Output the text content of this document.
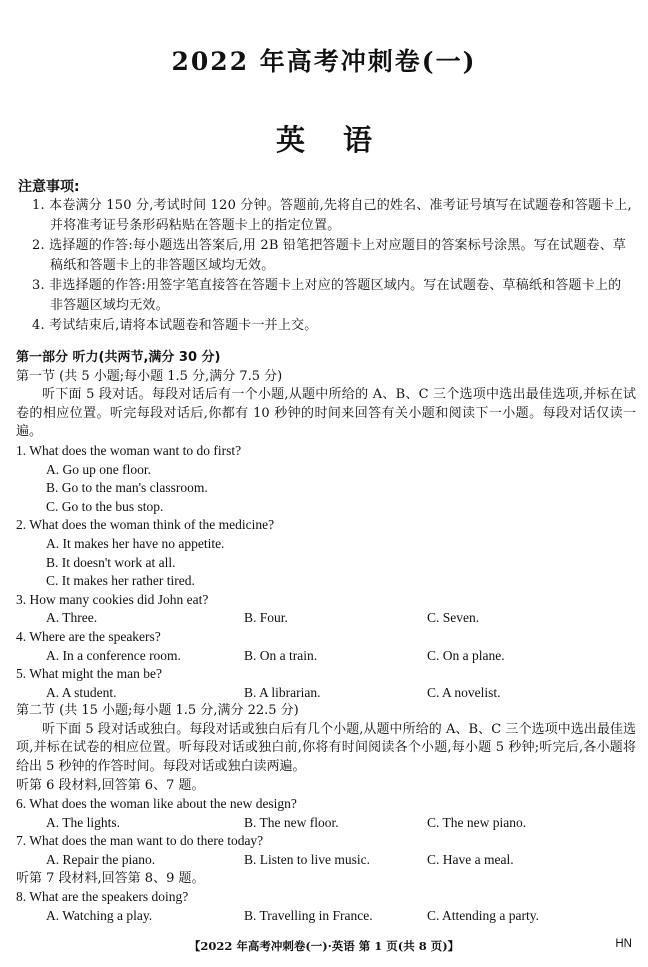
2022 年高考冲刺卷(一)
英语
注意事项:
1. 本卷满分 150 分,考试时间 120 分钟。答题前,先将自己的姓名、准考证号填写在试题卷和答题卡上,并将准考证号条形码粘贴在答题卡上的指定位置。
2. 选择题的作答:每小题选出答案后,用 2B 铅笔把答题卡上对应题目的答案标号涂黑。写在试题卷、草稿纸和答题卡上的非答题区域均无效。
3. 非选择题的作答:用签字笔直接答在答题卡上对应的答题区域内。写在试题卷、草稿纸和答题卡上的非答题区域均无效。
4. 考试结束后,请将本试题卷和答题卡一并上交。
第一部分 听力(共两节,满分 30 分)
第一节 (共 5 小题;每小题 1.5 分,满分 7.5 分)
听下面 5 段对话。每段对话后有一个小题,从题中所给的 A、B、C 三个选项中选出最佳选项,并标在试卷的相应位置。听完每段对话后,你都有 10 秒钟的时间来回答有关小题和阅读下一小题。每段对话仅读一遍。
1. What does the woman want to do first?
A. Go up one floor.
B. Go to the man's classroom.
C. Go to the bus stop.
2. What does the woman think of the medicine?
A. It makes her have no appetite.
B. It doesn't work at all.
C. It makes her rather tired.
3. How many cookies did John eat?
A. Three.	B. Four.	C. Seven.
4. Where are the speakers?
A. In a conference room.	B. On a train.	C. On a plane.
5. What might the man be?
A. A student.	B. A librarian.	C. A novelist.
第二节 (共 15 小题;每小题 1.5 分,满分 22.5 分)
听下面 5 段对话或独白。每段对话或独白后有几个小题,从题中所给的 A、B、C 三个选项中选出最佳选项,并标在试卷的相应位置。听每段对话或独白前,你将有时间阅读各个小题,每小题 5 秒钟;听完后,各小题将给出 5 秒钟的作答时间。每段对话或独白读两遍。
听第 6 段材料,回答第 6、7 题。
6. What does the woman like about the new design?
A. The lights.	B. The new floor.	C. The new piano.
7. What does the man want to do there today?
A. Repair the piano.	B. Listen to live music.	C. Have a meal.
听第 7 段材料,回答第 8、9 题。
8. What are the speakers doing?
A. Watching a play.	B. Travelling in France.	C. Attending a party.
【2022 年高考冲刺卷(一)·英语 第 1 页(共 8 页)】	HN
